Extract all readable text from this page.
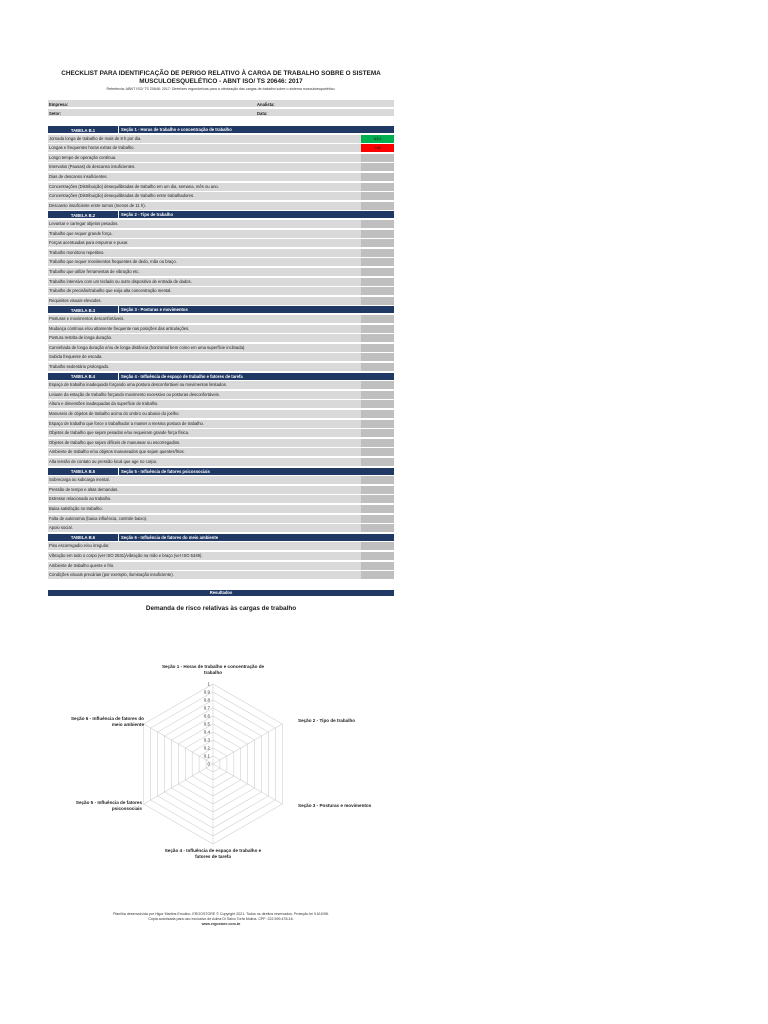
CHECKLIST PARA IDENTIFICAÇÃO DE PERIGO RELATIVO À CARGA DE TRABALHO SOBRE O SISTEMA MUSCULOESQUELÉTICO - ABNT ISO/ TS 20646: 2017
Referência: ABNT ISO/ TS 20646: 2017: Diretrizes ergonômicas para a otimização das cargas de trabalho sobre o sistema musculoesquelético.
Empresa:	Analista:
Setor:	Data:
TABELA B.1	Seção 1 - Horas de trabalho e concentração de trabalho
Jornada longa de trabalho de mais de 8 h por dia.	NÃO
Longas e frequentes horas extras de trabalho.	SIM
Longo tempo de operação contínua.
Intervalos (Pausas) de descanso insuficientes.
Dias de descanso insuficientes.
Concentrações (Distribuição) desequilibradas de trabalho em um dia, semana, mês ou ano.
Concentrações (Distribuição) desequilibradas de trabalho entre trabalhadores.
Descanso insuficiente entre turnos (menos de 11 h).
TABELA B.2	Seção 2 - Tipo de trabalho
Levantar e carregar objetos pesados.
Trabalho que requer grande força.
Forças acentuadas para empurrar e puxar.
Trabalho monótono repetitivo.
Trabalho que requer movimentos frequentes de dedo, mão ou braço.
Trabalho que utilize ferramentas de vibração etc.
Trabalho intensivo com um teclado ou outro dispositivo de entrada de dados.
Trabalho de precisão/trabalho que exija alta concentração mental.
Requisitos visuais elevados.
TABELA B.3	Seção 3 - Posturas e movimentos
Posturas e movimentos desconfortáveis.
Mudança contínua e/ou altamente frequente nas posições das articulações.
Postura restrita de longa duração.
Caminhada de longa duração e/ou de longa distância (horizontal bem como em uma superfície inclinada).
Subida frequente de escada.
Trabalho sedentário prolongado.
TABELA B.4	Seção 4 - Influência de espaço de trabalho e fatores de tarefa
Espaço de trabalho inadequado forçando uma postura desconfortável ou movimentos limitados.
Leiaute da estação de trabalho forçando movimento excessivo ou posturas desconfortáveis.
Altura e dimensões inadequadas da superfície de trabalho.
Manuseio de objetos de trabalho acima do ombro ou abaixo do joelho.
Espaço de trabalho que force o trabalhador a manter a mesma postura de trabalho.
Objetos de trabalho que sejam pesados e/ou requeiram grande força física.
Objetos de trabalho que sejam difíceis de manusear ou escorregadios.
Ambiente de trabalho e/ou objetos manuseados que sejam quentes/frios.
Alta tensão de contato ou pressão local que age no corpo.
TABELA B.5	Seção 5 - Influência de fatores psicossociais
Sobrecarga ou subcarga mental.
Pressão de tempo e altas demandas.
Estresse relacionado ao trabalho.
Baixa satisfação no trabalho.
Falta de autonomia (baixa influência, controle baixo).
Apoio social.
TABELA B.6	Seção 6 - Influência de fatores do meio ambiente
Piso escorregadio e/ou irregular.
Vibração em todo o corpo (ver ISO 2631)/vibração na mão e braço (ver ISO 5349).
Ambiente de trabalho quente e frio.
Condições visuais precárias (por exemplo, iluminação insuficiente).
Resultados
Demanda de risco relativas às cargas de trabalho
0
0,1
0,2
0,3
0,4
0,5
0,6
0,7
0,8
0,9
1
Seção 1 - Horas de trabalho e concentração de trabalho
Seção 2 - Tipo de trabalho
Seção 3 - Posturas e movimentos
Seção 4 - Influência de espaço de trabalho e fatores de tarefa
Seção 5 - Influência de fatores psicossociais
Seção 6 - Influência de fatores do meio ambiente
Planilha desenvolvida por Higor Martins Emulino. ERGOSTORE © Copyright 2021. Todos os direitos reservados. Proteção lei 9.610/98.
Cópia autorizada para uso exclusivo de Adma Di Salvo Torfa Molina. CPF: 222.599.478-16.
www.ergostore.com.br
